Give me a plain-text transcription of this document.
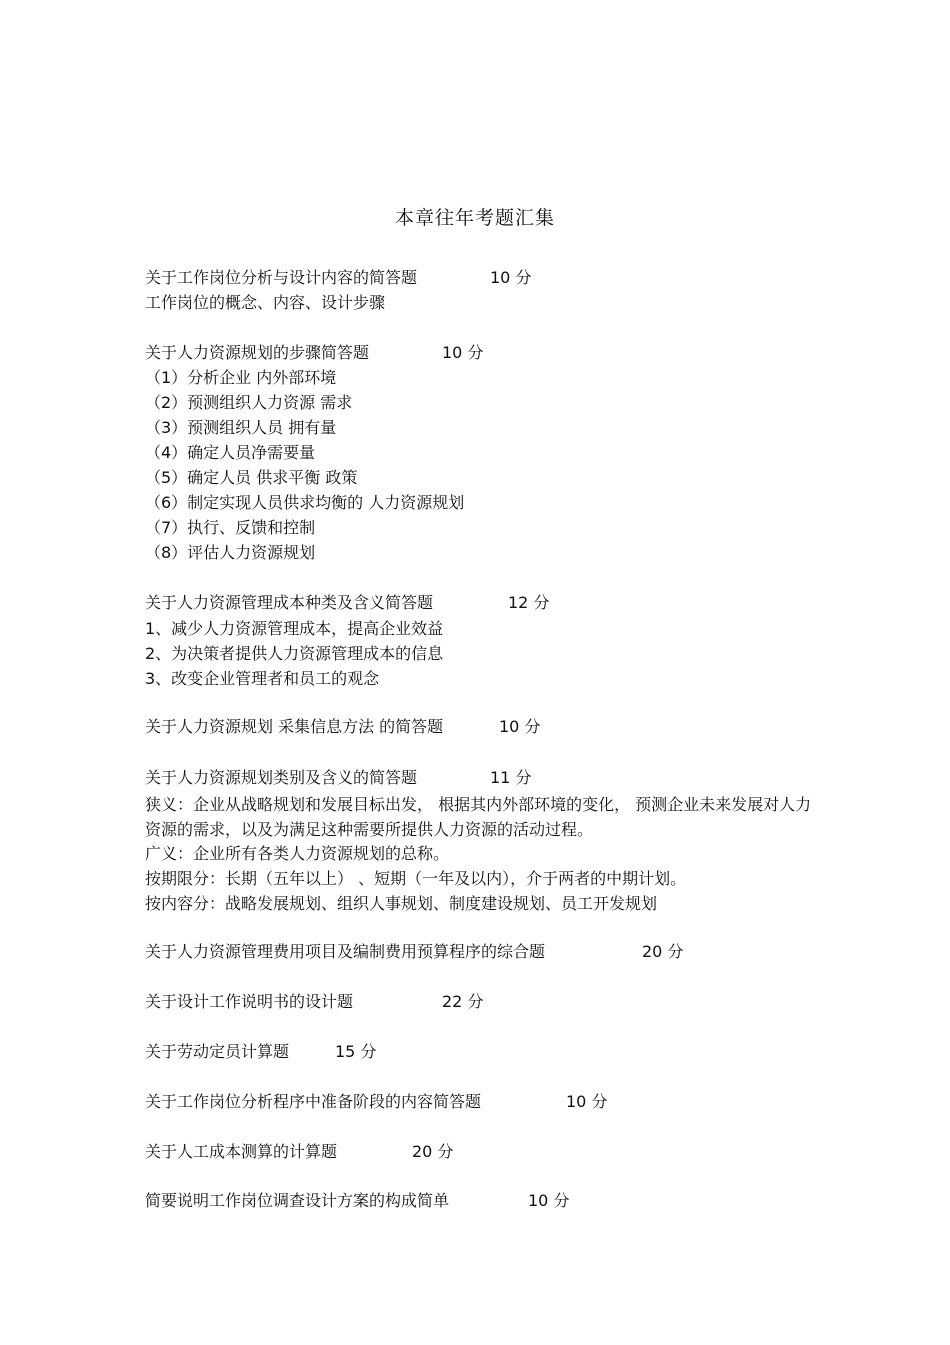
本章往年考题汇集
关于工作岗位分析与设计内容的简答题	10 分
工作岗位的概念、内容、设计步骤
关于人力资源规划的步骤简答题	10 分
（1）分析企业 内外部环境
（2）预测组织人力资源 需求
（3）预测组织人员 拥有量
（4）确定人员净需要量
（5）确定人员 供求平衡 政策
（6）制定实现人员供求均衡的 人力资源规划
（7）执行、反馈和控制
（8）评估人力资源规划
关于人力资源管理成本种类及含义简答题	12 分
1、减少人力资源管理成本，提高企业效益
2、为决策者提供人力资源管理成本的信息
3、改变企业管理者和员工的观念
关于人力资源规划 采集信息方法 的简答题	10 分
关于人力资源规划类别及含义的简答题	11 分
狭义：企业从战略规划和发展目标出发， 根据其内外部环境的变化， 预测企业未来发展对人力资源的需求，以及为满足这种需要所提供人力资源的活动过程。
广义：企业所有各类人力资源规划的总称。
按期限分：长期（五年以上） 、短期（一年及以内），介于两者的中期计划。
按内容分：战略发展规划、组织人事规划、制度建设规划、员工开发规划
关于人力资源管理费用项目及编制费用预算程序的综合题	20 分
关于设计工作说明书的设计题	22 分
关于劳动定员计算题	15 分
关于工作岗位分析程序中准备阶段的内容简答题	10 分
关于人工成本测算的计算题	20 分
简要说明工作岗位调查设计方案的构成简单	10 分
